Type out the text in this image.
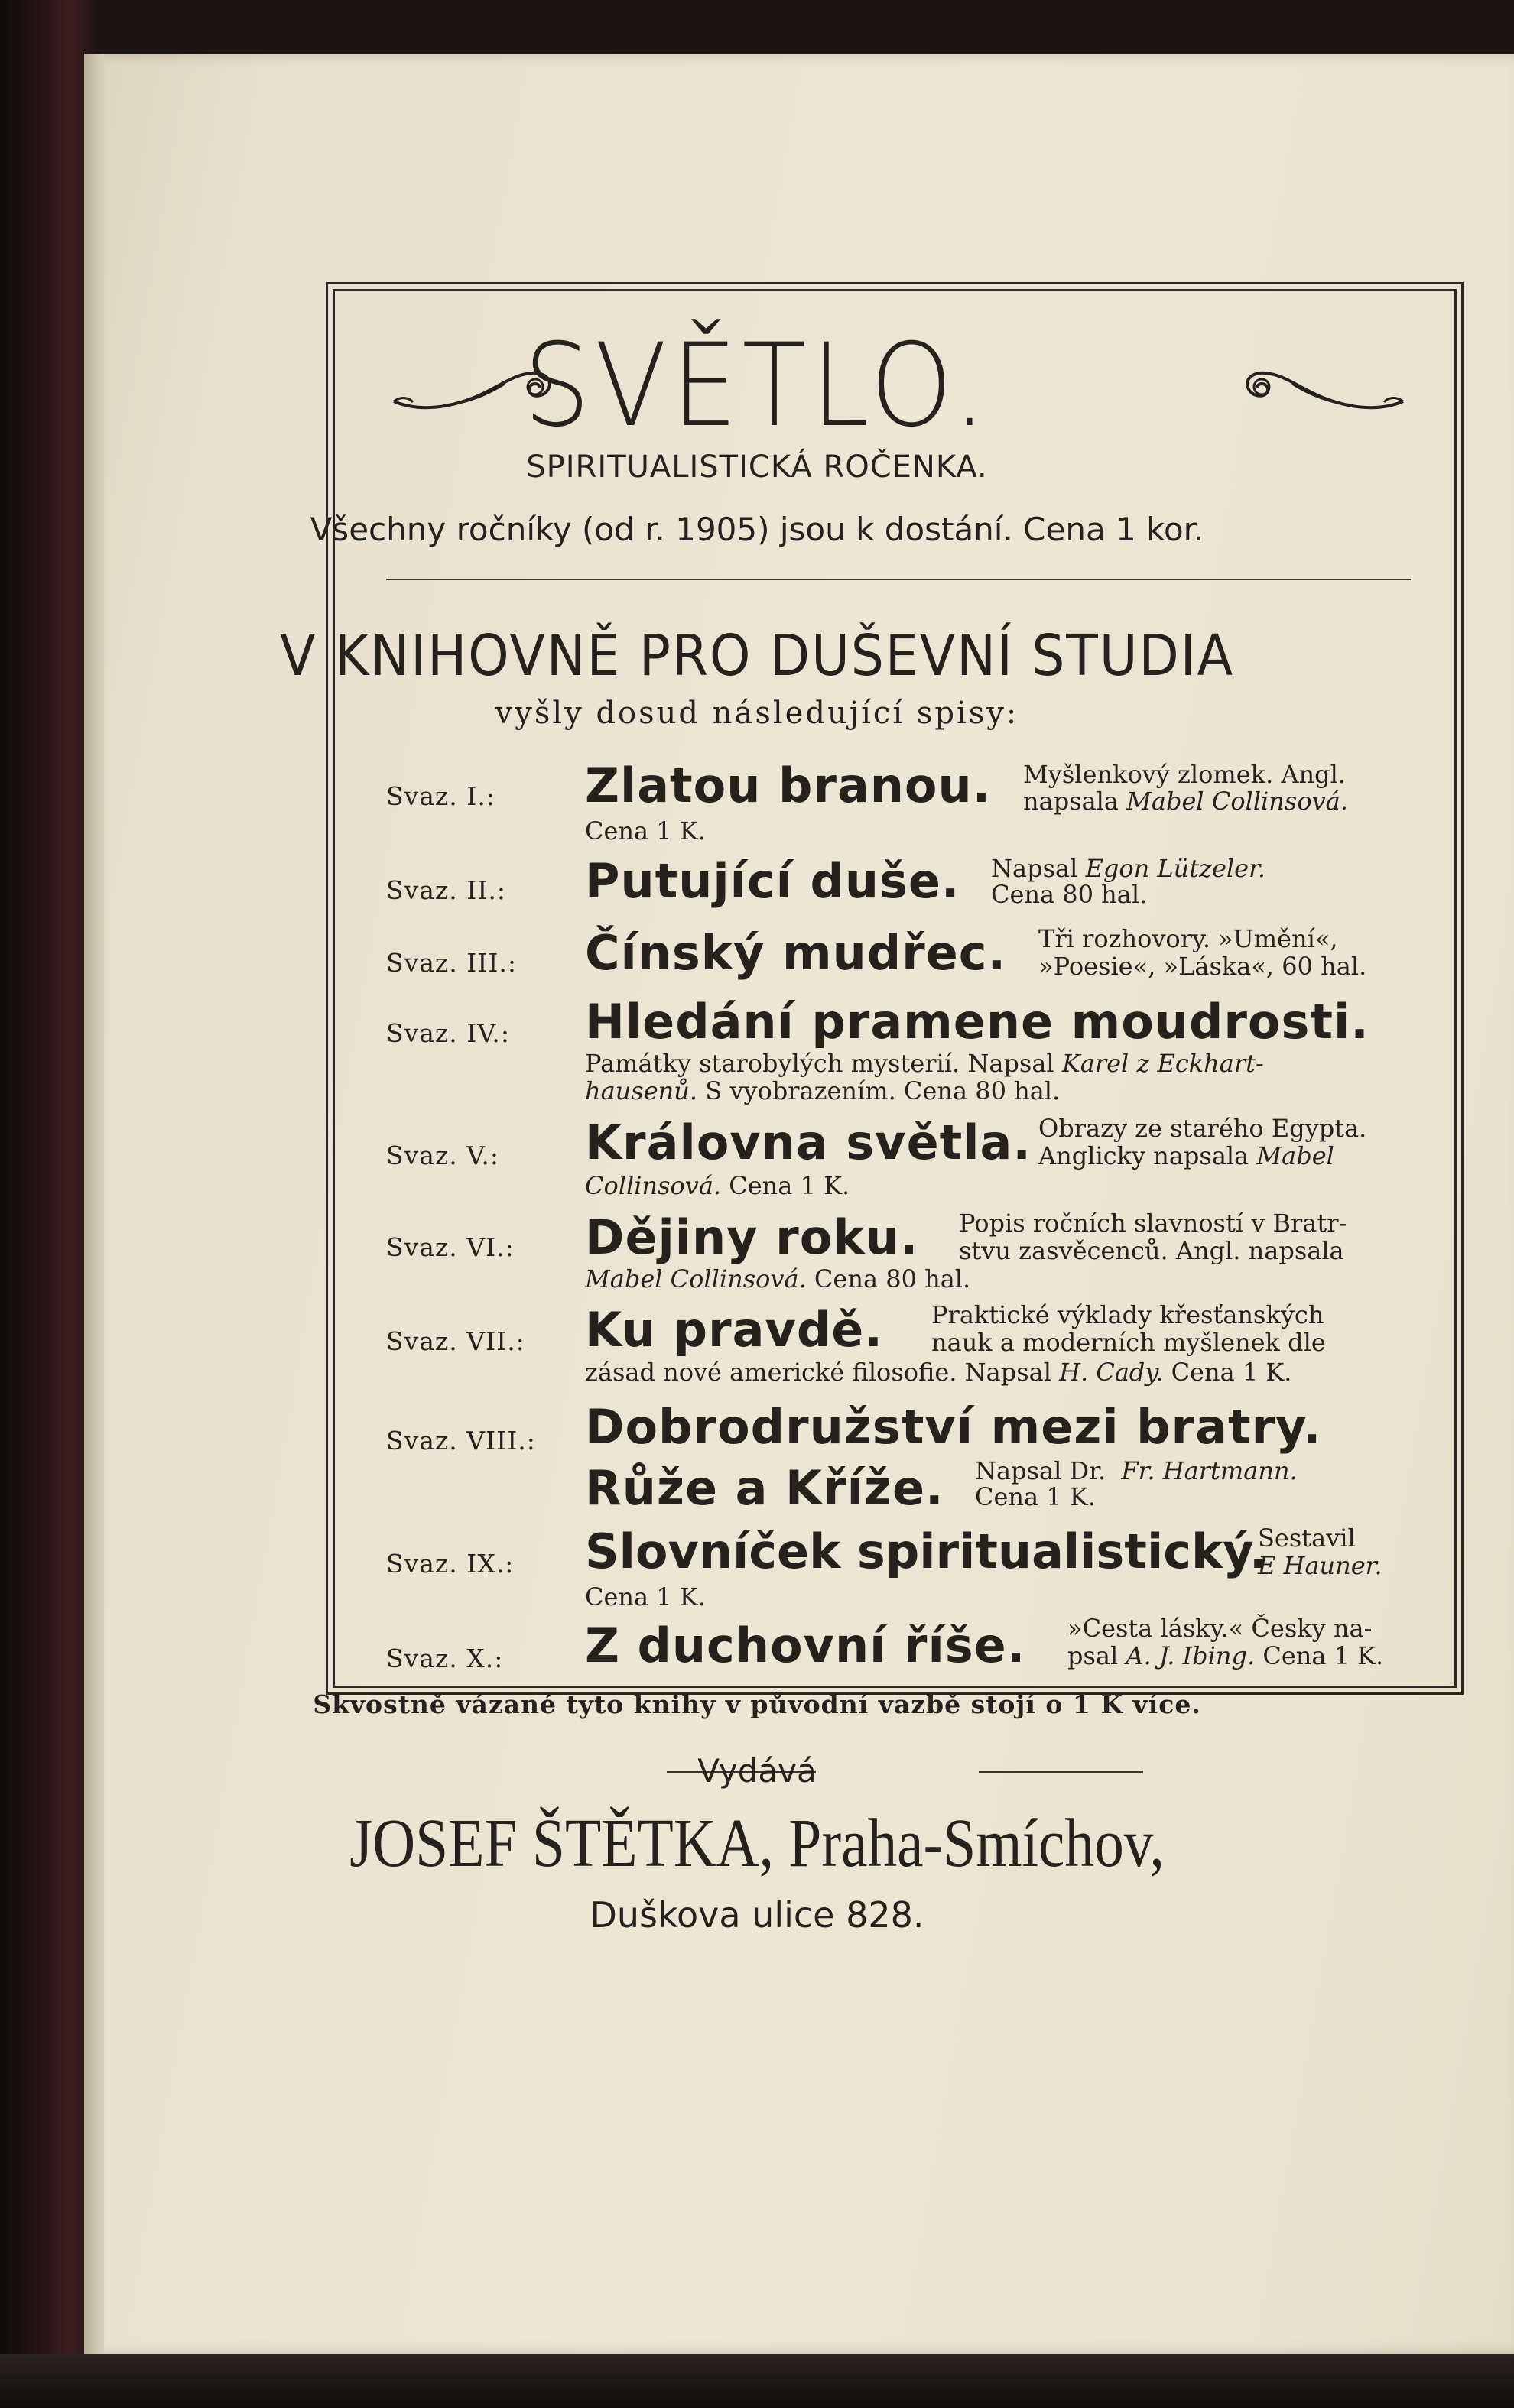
SVĚTLO.
SPIRITUALISTICKÁ ROČENKA.
Všechny ročníky (od r. 1905) jsou k dostání. Cena 1 kor.
V KNIHOVNĚ PRO DUŠEVNÍ STUDIA
vyšly dosud následující spisy:
Svaz. I.: Zlatou branou. Myšlenkový zlomek. Angl.
napsala Mabel Collinsová.
Cena 1 K.
Svaz. II.: Putující duše. Napsal Egon Lützeler.
Cena 80 hal.
Svaz. III.: Čínský mudřec. Tři rozhovory. »Umění«,
»Poesie«, »Láska«, 60 hal.
Svaz. IV.: Hledání pramene moudrosti.
Památky starobylých mysterií. Napsal Karel z Eckhart-
hausenů. S vyobrazením. Cena 80 hal.
Svaz. V.: Královna světla. Obrazy ze starého Egypta.
Anglicky napsala Mabel
Collinsová. Cena 1 K.
Svaz. VI.: Dějiny roku. Popis ročních slavností v Bratr-
stvu zasvěcenců. Angl. napsala
Mabel Collinsová. Cena 80 hal.
Svaz. VII.: Ku pravdě. Praktické výklady křesťanských
nauk a moderních myšlenek dle
zásad nové americké filosofie. Napsal H. Cady. Cena 1 K.
Svaz. VIII.: Dobrodružství mezi bratry.
Růže a Kříže. Napsal Dr. Fr. Hartmann.
Cena 1 K.
Svaz. IX.: Slovníček spiritualistický.
Sestavil
E Hauner.
Cena 1 K.
Svaz. X.: Z duchovní říše. »Cesta lásky.« Česky na-
psal A. J. Ibing. Cena 1 K.
Skvostně vázané tyto knihy v původní vazbě stojí o 1 K více.
Vydává
JOSEF ŠTĚTKA, Praha-Smíchov,
Duškova ulice 828.
